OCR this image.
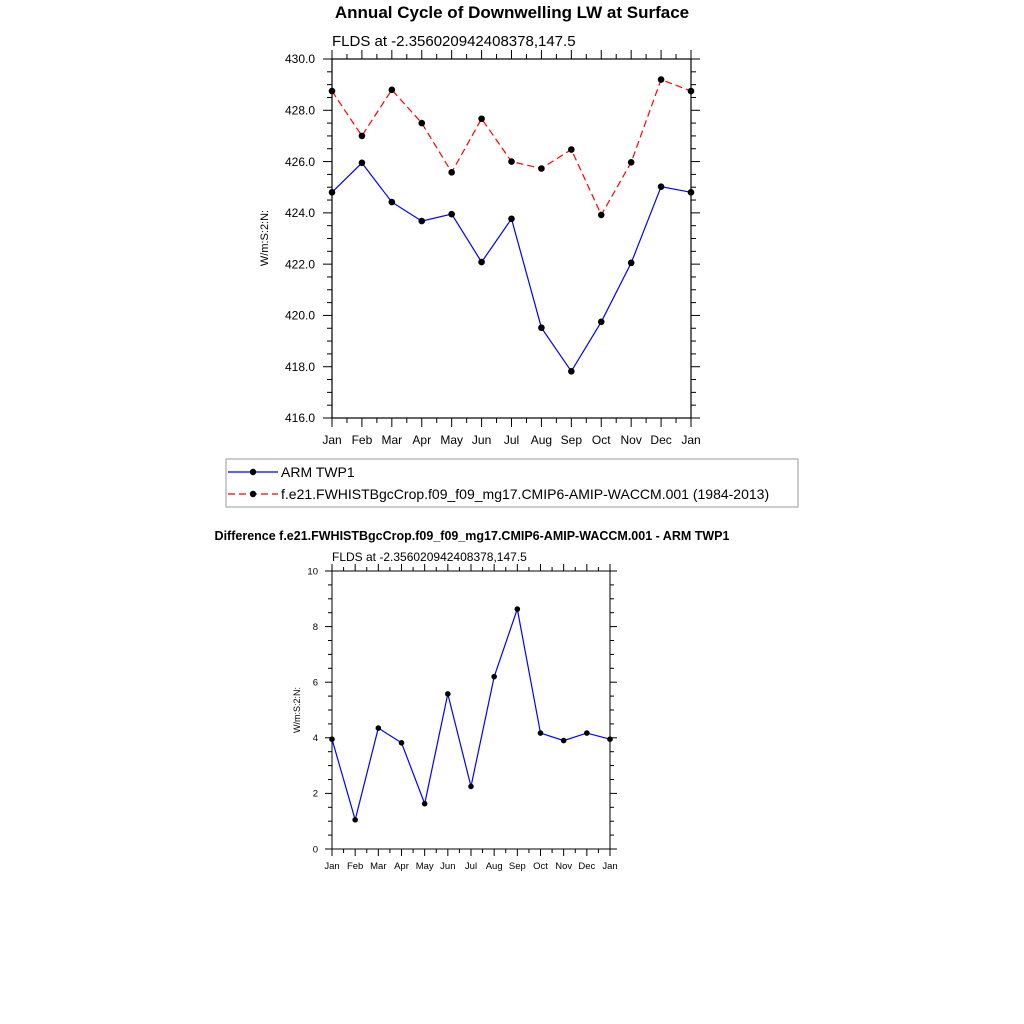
Annual Cycle of Downwelling LW at Surface
FLDS at -2.356020942408378,147.5
W/m:S:2:N:
Jan Feb Mar Apr May Jun Jul Aug Sep Oct Nov Dec Jan
416.0
418.0
420.0
422.0
424.0
426.0
428.0
430.0
ARM TWP1
f.e21.FWHISTBgcCrop.f09_f09_mg17.CMIP6-AMIP-WACCM.001 (1984-2013)
Difference f.e21.FWHISTBgcCrop.f09_f09_mg17.CMIP6-AMIP-WACCM.001 - ARM TWP1
FLDS at -2.356020942408378,147.5
W/m:S:2:N:
Jan Feb Mar Apr May Jun Jul Aug Sep Oct Nov Dec Jan
0
2
4
6
8
10
